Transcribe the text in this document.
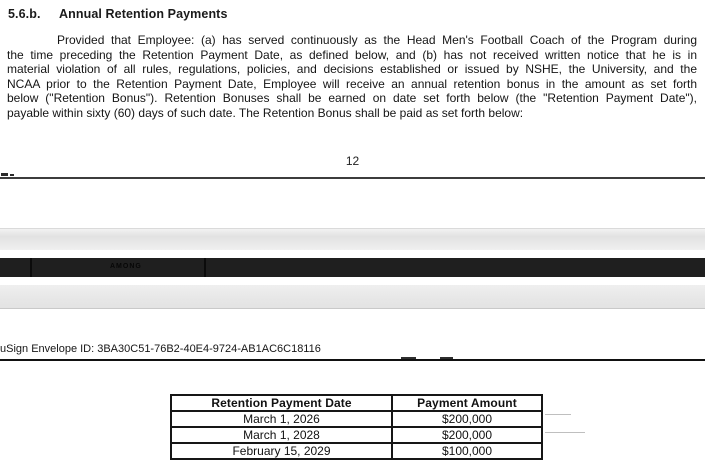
5.6.b.	Annual Retention Payments
Provided that Employee: (a) has served continuously as the Head Men's Football Coach of the Program during
the time preceding the Retention Payment Date, as defined below, and (b) has not received written notice that he is in
material violation of all rules, regulations, policies, and decisions established or issued by NSHE, the University, and the
NCAA prior to the Retention Payment Date, Employee will receive an annual retention bonus in the amount as set forth
below ("Retention Bonus"). Retention Bonuses shall be earned on date set forth below (the "Retention Payment Date"),
payable within sixty (60) days of such date. The Retention Bonus shall be paid as set forth below:
12
AMONG
uSign Envelope ID: 3BA30C51-76B2-40E4-9724-AB1AC6C18116
Retention Payment Date	Payment Amount
March 1, 2026	$200,000
March 1, 2028	$200,000
February 15, 2029	$100,000
